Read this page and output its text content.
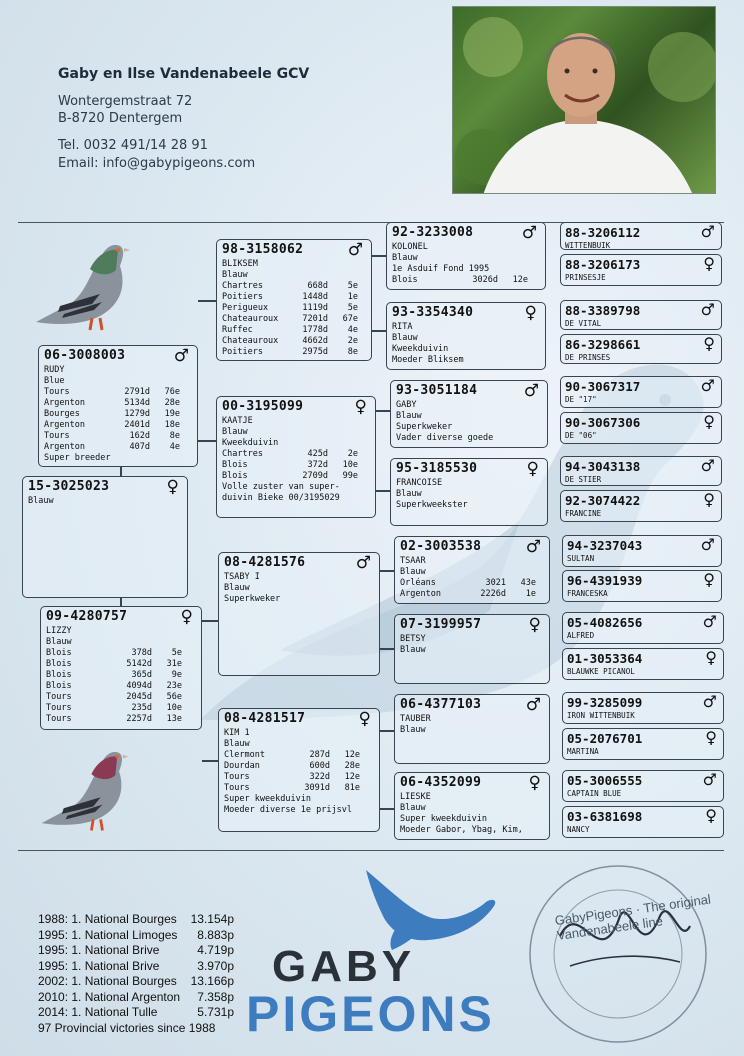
Gaby en Ilse Vandenabeele GCV
Wontergemstraat 72
B-8720 Dentergem
Tel. 0032 491/14 28 91
Email: info@gabypigeons.com
15-3025023	♀
Blauw
06-3008003	♂
RUDY
Blue
Tours	2791d	76e
Argenton	5134d	28e
Bourges	1279d	19e
Argenton	2401d	18e
Tours	162d	8e
Argenton	407d	4e
Super breeder
09-4280757	♀
LIZZY
Blauw
Blois	378d	5e
Blois	5142d	31e
Blois	365d	9e
Blois	4094d	23e
Tours	2045d	56e
Tours	235d	10e
Tours	2257d	13e
98-3158062	♂
BLIKSEM
Blauw
Chartres	668d	5e
Poitiers	1448d	1e
Perigueux	1119d	5e
Chateauroux	7201d	67e
Ruffec	1778d	4e
Chateauroux	4662d	2e
Poitiers	2975d	8e
00-3195099	♀
KAATJE
Blauw
Kweekduivin
Chartres	425d	2e
Blois	372d	10e
Blois	2709d	99e
Volle zuster van super-
duivin Bieke 00/3195029
08-4281576	♂
TSABY I
Blauw
Superkweker
08-4281517	♀
KIM 1
Blauw
Clermont	287d	12e
Dourdan	600d	28e
Tours	322d	12e
Tours	3091d	81e
Super kweekduivin
Moeder diverse 1e prijsvl
92-3233008	♂
KOLONEL
Blauw
1e Asduif Fond 1995
Blois	3026d	12e
93-3354340	♀
RITA
Blauw
Kweekduivin
Moeder Bliksem
93-3051184	♂
GABY
Blauw
Superkweker
Vader diverse goede
95-3185530	♀
FRANCOISE
Blauw
Superkweekster
02-3003538	♂
TSAAR
Blauw
Orléans	3021	43e
Argenton	2226d	1e
07-3199957	♀
BETSY
Blauw
06-4377103	♂
TAUBER
Blauw
06-4352099	♀
LIESKE
Blauw
Super kweekduivin
Moeder Gabor, Ybag, Kim,
88-3206112	♂
WITTENBUIK
88-3206173	♀
PRINSESJE
88-3389798	♂
DE VITAL
86-3298661	♀
DE PRINSES
90-3067317	♂
DE "17"
90-3067306	♀
DE "06"
94-3043138	♂
DE STIER
92-3074422	♀
FRANCINE
94-3237043	♂
SULTAN
96-4391939	♀
FRANCESKA
05-4082656	♂
ALFRED
01-3053364	♀
BLAUWKE PICANOL
99-3285099	♂
IRON WITTENBUIK
05-2076701	♀
MARTINA
05-3006555	♂
CAPTAIN BLUE
03-6381698	♀
NANCY
1988: 1. National Bourges	13.154p
1995: 1. National Limoges	8.883p
1995: 1. National Brive	4.719p
1995: 1. National Brive	3.970p
2002: 1. National Bourges	13.166p
2010: 1. National Argenton	7.358p
2014: 1. National Tulle	5.731p
97 Provincial victories since 1988
GABY
PIGEONS
GabyPigeons · The original Vandenabeele line
